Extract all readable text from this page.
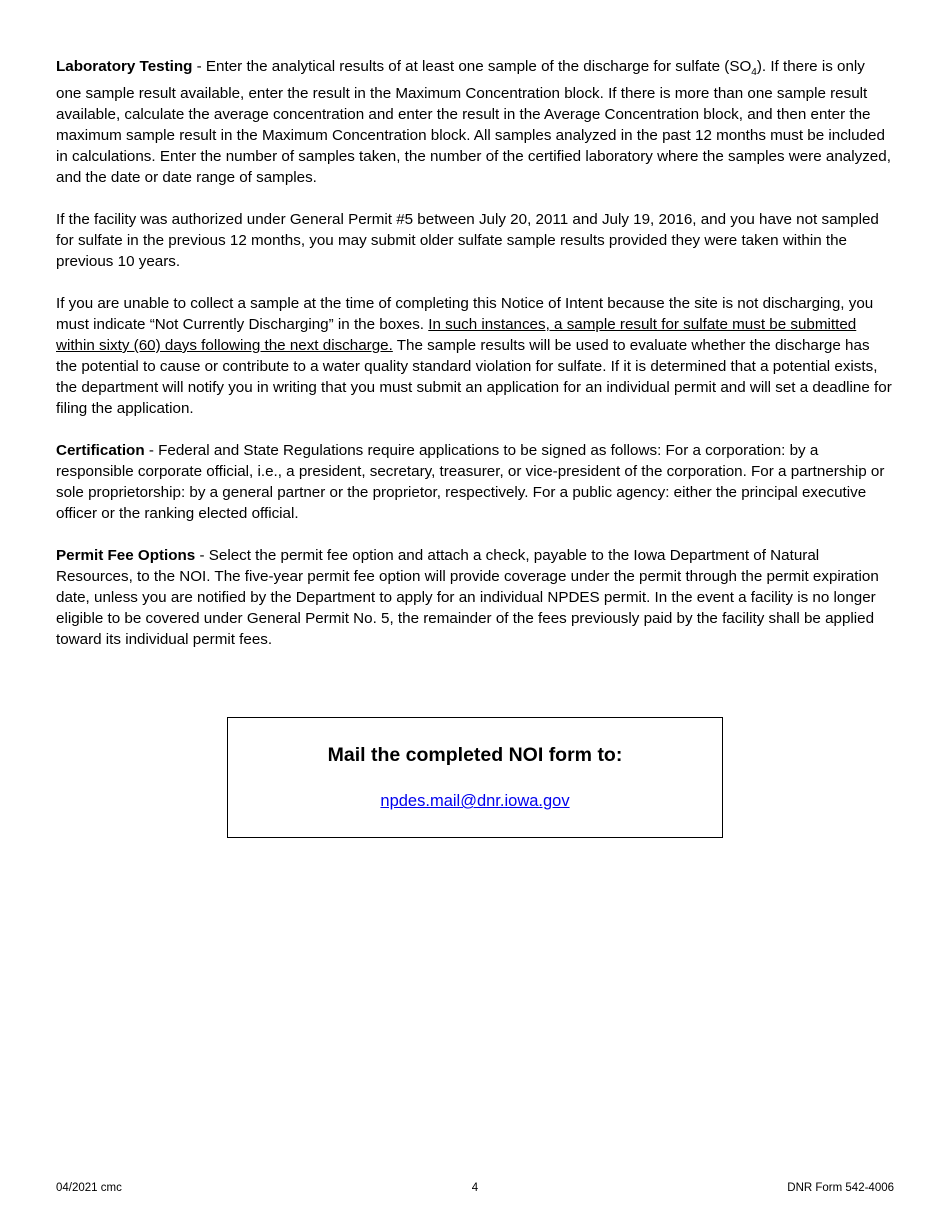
Laboratory Testing - Enter the analytical results of at least one sample of the discharge for sulfate $(SO_4)$. If there is only one sample result available, enter the result in the Maximum Concentration block. If there is more than one sample result available, calculate the average concentration and enter the result in the Average Concentration block, and then enter the maximum sample result in the Maximum Concentration block. All samples analyzed in the past 12 months must be included in calculations. Enter the number of samples taken, the number of the certified laboratory where the samples were analyzed, and the date or date range of samples.

If the facility was authorized under General Permit #5 between July 20, 2011 and July 19, 2016, and you have not sampled for sulfate in the previous 12 months, you may submit older sulfate sample results provided they were taken within the previous 10 years.

If you are unable to collect a sample at the time of completing this Notice of Intent because the site is not discharging, you must indicate “Not Currently Discharging” in the boxes. In such instances, a sample result for sulfate must be submitted within sixty (60) days following the next discharge. The sample results will be used to evaluate whether the discharge has the potential to cause or contribute to a water quality standard violation for sulfate. If it is determined that a potential exists, the department will notify you in writing that you must submit an application for an individual permit and will set a deadline for filing the application.

Certification - Federal and State Regulations require applications to be signed as follows: For a corporation: by a responsible corporate official, i.e., a president, secretary, treasurer, or vice-president of the corporation. For a partnership or sole proprietorship: by a general partner or the proprietor, respectively. For a public agency: either the principal executive officer or the ranking elected official.

Permit Fee Options - Select the permit fee option and attach a check, payable to the Iowa Department of Natural Resources, to the NOI. The five-year permit fee option will provide coverage under the permit through the permit expiration date, unless you are notified by the Department to apply for an individual NPDES permit. In the event a facility is no longer eligible to be covered under General Permit No. 5, the remainder of the fees previously paid by the facility shall be applied toward its individual permit fees.

Mail the completed NOI form to:
npdes.mail@dnr.iowa.gov
04/2021 cmc	4	DNR Form 542-4006
